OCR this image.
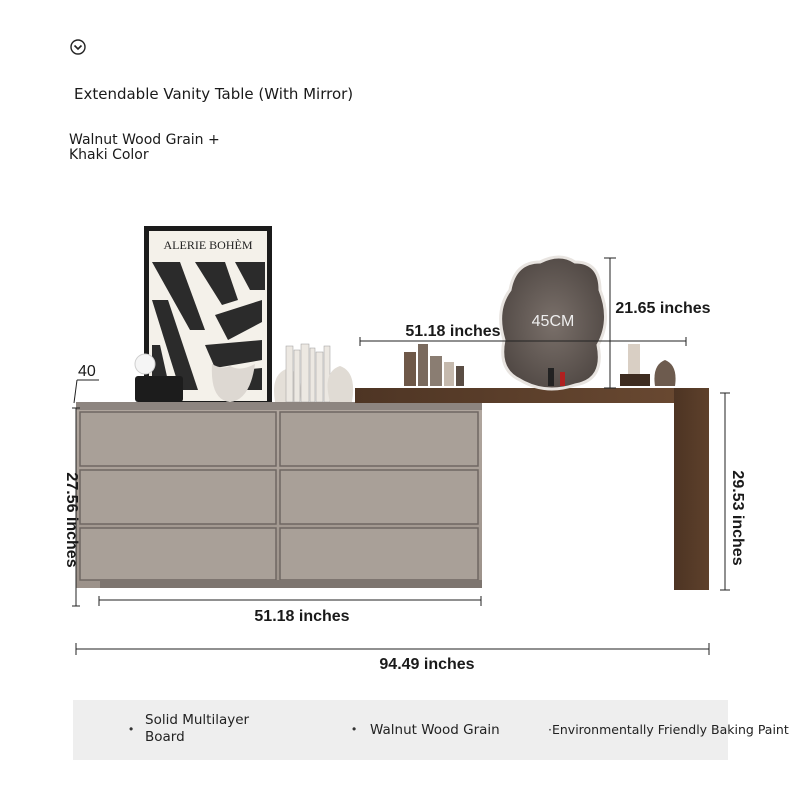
Extendable Vanity Table (With Mirror)
Walnut Wood Grain +
Khaki Color
ALERIE BOHÈM
40
45CM
27.56 inches
51.18 inches
51.18 inches
21.65 inches
29.53 inches
94.49 inches
•
Solid Multilayer
Board	• Walnut Wood Grain	·Environmentally Friendly Baking Paint
